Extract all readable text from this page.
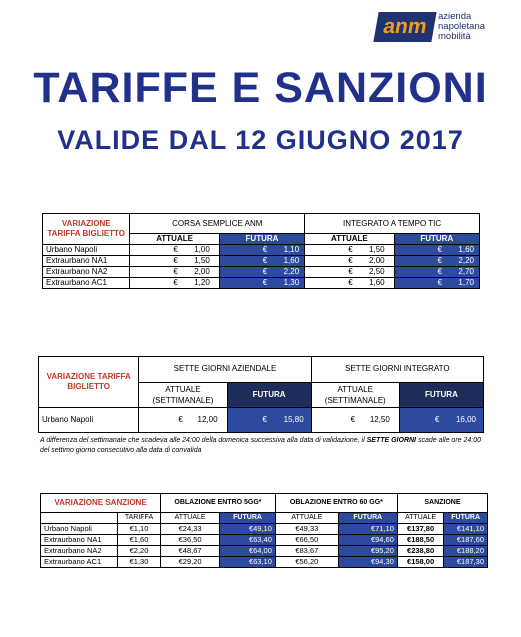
anm azienda
napoletana
mobilità
TARIFFE E SANZIONI
VALIDE DAL 12 GIUGNO 2017
VARIAZIONE TARIFFA BIGLIETTO	CORSA SEMPLICE ANM		INTEGRATO A TEMPO TIC	
	ATTUALE	FUTURA	ATTUALE	FUTURA
Urbano Napoli	€ 1,00	€ 1,10	€ 1,50	€ 1,60

Extraurbano NA1	€ 1,50	€ 1,60	€ 2,00	€ 2,20

Extraurbano NA2	€ 2,00	€ 2,20	€ 2,50	€ 2,70

Extraurbano AC1	€ 1,20	€ 1,30	€ 1,60	€ 1,70
VARIAZIONE TARIFFA BIGLIETTO	SETTE GIORNI AZIENDALE		SETTE GIORNI INTEGRATO	
	ATTUALE (SETTIMANALE)	FUTURA	ATTUALE (SETTIMANALE)	FUTURA
Urbano Napoli	€ 12,00	€ 15,80	€ 12,50	€ 16,00
A differenza del settimanale che scadeva alle 24:00 della domenica successiva alla data di validazione, il SETTE GIORNI scade alle ore 24:00 del settimo giorno consecutivo alla data di convalida
VARIAZIONE SANZIONE		OBLAZIONE ENTRO 5GG*		OBLAZIONE ENTRO 60 GG*		SANZIONE	
	TARIFFA	ATTUALE	FUTURA	ATTUALE	FUTURA	ATTUALE	FUTURA
Urbano Napoli	€1,10	€24,33	€49,10	€49,33	€71,10	€137,80	€141,10
Extraurbano NA1	€1,60	€36,50	€63,40	€66,50	€94,60	€188,50	€187,60
Extraurbano NA2	€2,20	€48,67	€64,00	€83,67	€95,20	€238,80	€188,20
Extraurbano AC1	€1,30	€29,20	€63,10	€56,20	€94,30	€158,00	€187,30
